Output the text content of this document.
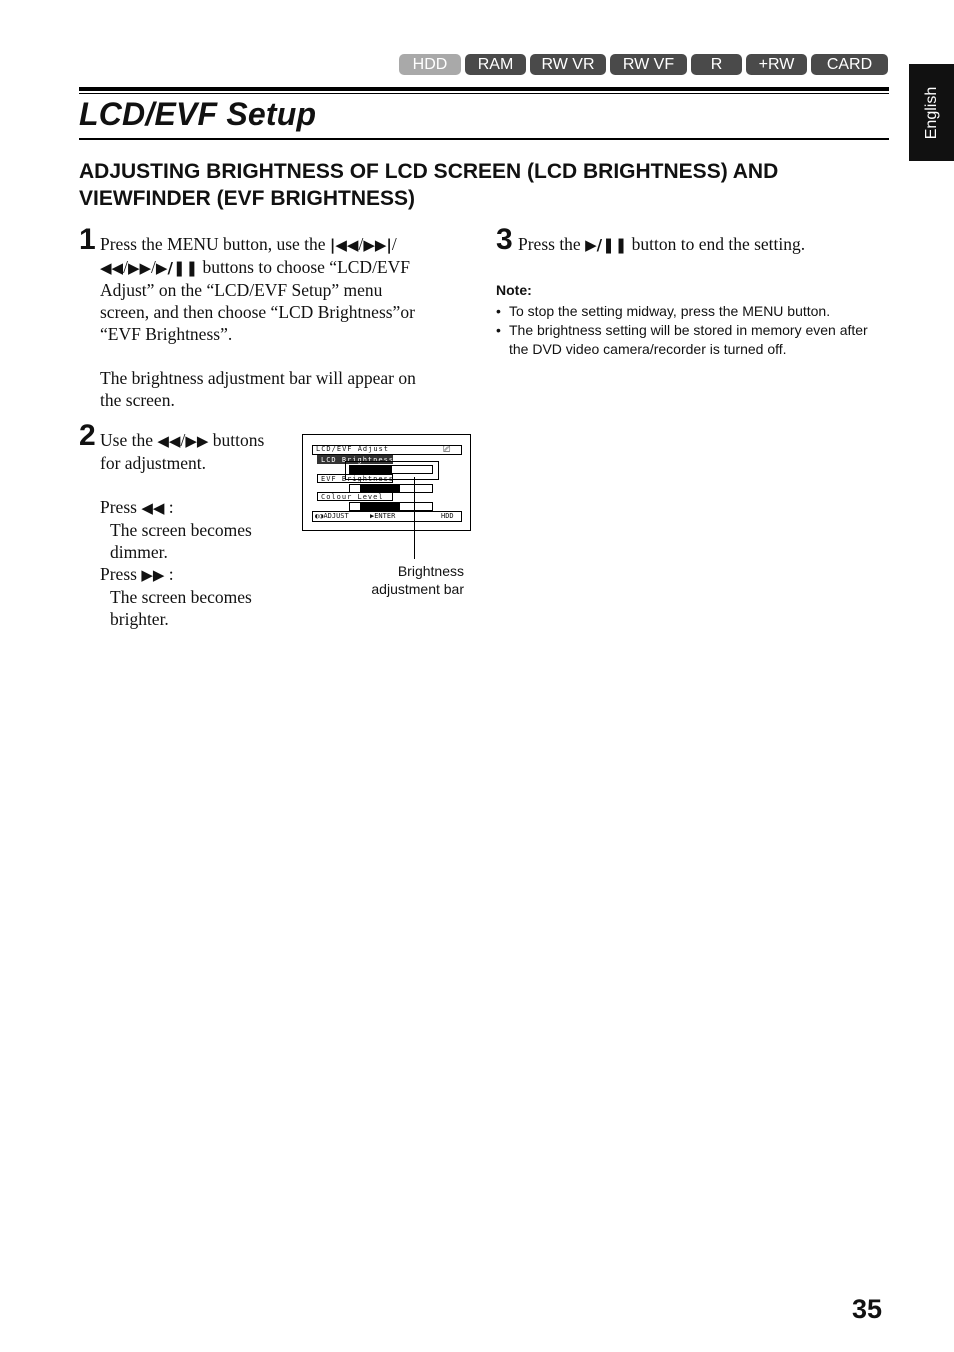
HDD	RAM	RW VR	RW VF	R	+RW	CARD
English
LCD/EVF Setup
ADJUSTING BRIGHTNESS OF LCD SCREEN (LCD BRIGHTNESS) AND
VIEWFINDER (EVF BRIGHTNESS)
1 Press the MENU button, use the |◀◀/▶▶|/
◀◀/▶▶/▶/❚❚ buttons to choose “LCD/EVF
Adjust” on the “LCD/EVF Setup” menu
screen, and then choose “LCD Brightness”or
“EVF Brightness”.
The brightness adjustment bar will appear on
the screen.
2 Use the ◀◀/▶▶ buttons
for adjustment.
Press ◀◀ :
The screen becomes
dimmer.
Press ▶▶ :
The screen becomes
brighter.
LCD/EVF Adjust	⎚
LCD Brightness
EVF Brightness
Colour Level
◐◑ADJUST	▶ENTER	HDD
Brightness
adjustment bar
3 Press the ▶/❚❚ button to end the setting.
Note:
• To stop the setting midway, press the MENU button.
• The brightness setting will be stored in memory even after the DVD video camera/recorder is turned off.
35
